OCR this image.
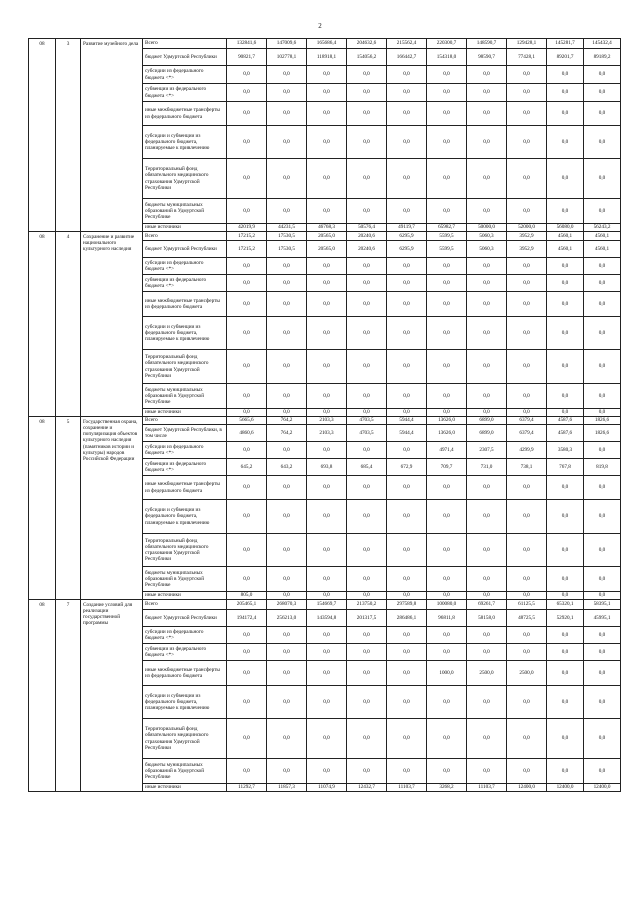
2
08	3	Развитие музейного дела	Всего	132841,6	147009,6	165686,4	204632,6	215562,4	220300,7	148590,7	129428,1	145281,7	145432,4
			бюджет Удмуртской Республики	90821,7	102778,1	118918,1	154056,2	166442,7	154318,0	98590,7	77428,1	89201,7	89189,2
			субсидии из федерального бюджета <*>	0,0	0,0	0,0	0,0	0,0	0,0	0,0	0,0	0,0	0,0
			субвенции из федерального бюджета <*>	0,0	0,0	0,0	0,0	0,0	0,0	0,0	0,0	0,0	0,0
			иные межбюджетные трансферты из федерального бюджета	0,0	0,0	0,0	0,0	0,0	0,0	0,0	0,0	0,0	0,0
			субсидии и субвенции из федерального бюджета, планируемые к привлечению	0,0	0,0	0,0	0,0	0,0	0,0	0,0	0,0	0,0	0,0
			Территориальный фонд обязательного медицинского страхования Удмуртской Республики	0,0	0,0	0,0	0,0	0,0	0,0	0,0	0,0	0,0	0,0
			бюджеты муниципальных образований в Удмуртской Республике	0,0	0,0	0,0	0,0	0,0	0,0	0,0	0,0	0,0	0,0
			иные источники	42019,9	44231,5	46768,3	50576,4	49119,7	65982,7	50000,0	52000,0	56080,0	56243,2
08	4	Сохранение и развитие национального культурного наследия	Всего	17215,2	17530,5	20565,0	20240,6	6295,9	5599,5	5060,3	3952,9	4560,1	4560,1
			бюджет Удмуртской Республики	17215,2	17530,5	20565,0	20240,6	6295,9	5599,5	5060,3	3952,9	4560,1	4560,1
			субсидии из федерального бюджета <*>	0,0	0,0	0,0	0,0	0,0	0,0	0,0	0,0	0,0	0,0
			субвенции из федерального бюджета <*>	0,0	0,0	0,0	0,0	0,0	0,0	0,0	0,0	0,0	0,0
			иные межбюджетные трансферты из федерального бюджета	0,0	0,0	0,0	0,0	0,0	0,0	0,0	0,0	0,0	0,0
			субсидии и субвенции из федерального бюджета, планируемые к привлечению	0,0	0,0	0,0	0,0	0,0	0,0	0,0	0,0	0,0	0,0
			Территориальный фонд обязательного медицинского страхования Удмуртской Республики	0,0	0,0	0,0	0,0	0,0	0,0	0,0	0,0	0,0	0,0
			бюджеты муниципальных образований в Удмуртской Республике	0,0	0,0	0,0	0,0	0,0	0,0	0,0	0,0	0,0	0,0
			иные источники	0,0	0,0	0,0	0,0	0,0	0,0	0,0	0,0	0,0	0,0
08	5	Государственная охрана, сохранение и популяризация объектов культурного наследия (памятников истории и культуры) народов Российской Федерации	Всего	5665,6	764,2	2103,3	4703,5	5944,4	13626,0	6899,0	6379,4	4587,6	1826,6
			бюджет Удмуртской Республики, в том числе	4860,6	764,2	2103,3	4703,5	5944,4	13626,0	6899,0	6379,4	4587,6	1826,6
			субсидии из федерального бюджета <*>	0,0	0,0	0,0	0,0	0,0	4971,4	2307,5	4299,9	3580,3	0,0
			субвенции из федерального бюджета <*>	645,2	643,2	693,8	685,4	672,9	709,7	731,0	738,1	767,8	819,8
			иные межбюджетные трансферты из федерального бюджета	0,0	0,0	0,0	0,0	0,0	0,0	0,0	0,0	0,0	0,0
			субсидии и субвенции из федерального бюджета, планируемые к привлечению	0,0	0,0	0,0	0,0	0,0	0,0	0,0	0,0	0,0	0,0
			Территориальный фонд обязательного медицинского страхования Удмуртской Республики	0,0	0,0	0,0	0,0	0,0	0,0	0,0	0,0	0,0	0,0
			бюджеты муниципальных образований в Удмуртской Республике	0,0	0,0	0,0	0,0	0,0	0,0	0,0	0,0	0,0	0,0
			иные источники	805,0	0,0	0,0	0,0	0,0	0,0	0,0	0,0	0,0	0,0
08	7	Создание условий для реализации государственной программы	Всего	205465,1	268070,3	154669,7	213750,2	297589,8	100080,0	69261,7	61125,5	65320,1	58395,1
			бюджет Удмуртской Республики	194172,4	256213,0	143594,8	201317,5	286486,1	96811,8	58158,0	48725,5	52920,1	45995,1
			субсидии из федерального бюджета <*>	0,0	0,0	0,0	0,0	0,0	0,0	0,0	0,0	0,0	0,0
			субвенции из федерального бюджета <*>	0,0	0,0	0,0	0,0	0,0	0,0	0,0	0,0	0,0	0,0
			иные межбюджетные трансферты из федерального бюджета	0,0	0,0	0,0	0,0	0,0	1000,0	2500,0	2500,0	0,0	0,0
			субсидии и субвенции из федерального бюджета, планируемые к привлечению	0,0	0,0	0,0	0,0	0,0	0,0	0,0	0,0	0,0	0,0
			Территориальный фонд обязательного медицинского страхования Удмуртской Республики	0,0	0,0	0,0	0,0	0,0	0,0	0,0	0,0	0,0	0,0
			бюджеты муниципальных образований в Удмуртской Республике	0,0	0,0	0,0	0,0	0,0	0,0	0,0	0,0	0,0	0,0
			иные источники	11292,7	11857,3	11074,9	12432,7	11103,7	3268,2	11103,7	12400,0	12400,0	12400,0
